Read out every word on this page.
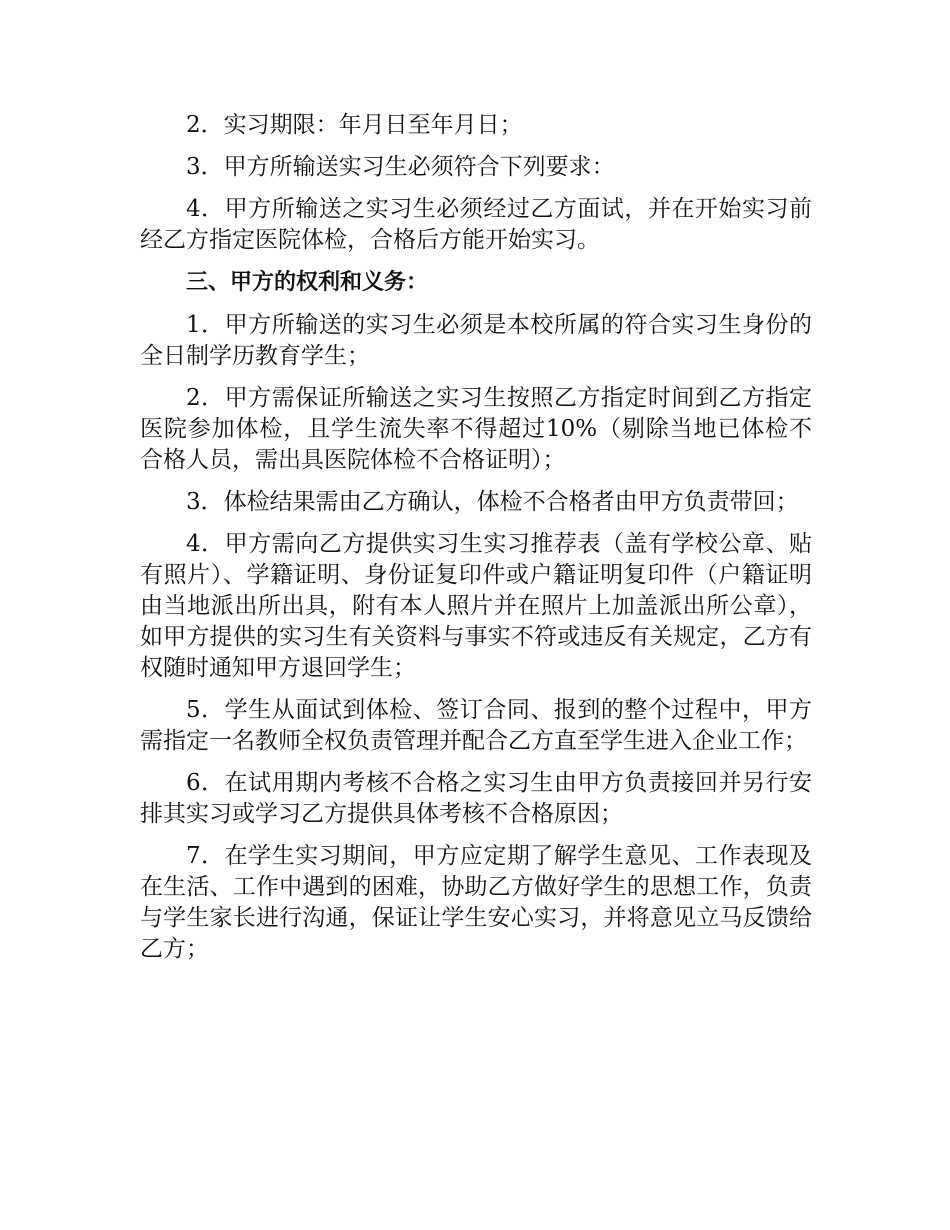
2．实习期限：年月日至年月日；

3．甲方所输送实习生必须符合下列要求：

4．甲方所输送之实习生必须经过乙方面试，并在开始实习前经乙方指定医院体检，合格后方能开始实习。

三、甲方的权利和义务：

1．甲方所输送的实习生必须是本校所属的符合实习生身份的全日制学历教育学生；

2．甲方需保证所输送之实习生按照乙方指定时间到乙方指定医院参加体检，且学生流失率不得超过10%（剔除当地已体检不合格人员，需出具医院体检不合格证明）；

3．体检结果需由乙方确认，体检不合格者由甲方负责带回；

4．甲方需向乙方提供实习生实习推荐表（盖有学校公章、贴有照片）、学籍证明、身份证复印件或户籍证明复印件（户籍证明由当地派出所出具，附有本人照片并在照片上加盖派出所公章），如甲方提供的实习生有关资料与事实不符或违反有关规定，乙方有权随时通知甲方退回学生；

5．学生从面试到体检、签订合同、报到的整个过程中，甲方需指定一名教师全权负责管理并配合乙方直至学生进入企业工作；

6．在试用期内考核不合格之实习生由甲方负责接回并另行安排其实习或学习乙方提供具体考核不合格原因；

7．在学生实习期间，甲方应定期了解学生意见、工作表现及在生活、工作中遇到的困难，协助乙方做好学生的思想工作，负责与学生家长进行沟通，保证让学生安心实习，并将意见立马反馈给乙方；
